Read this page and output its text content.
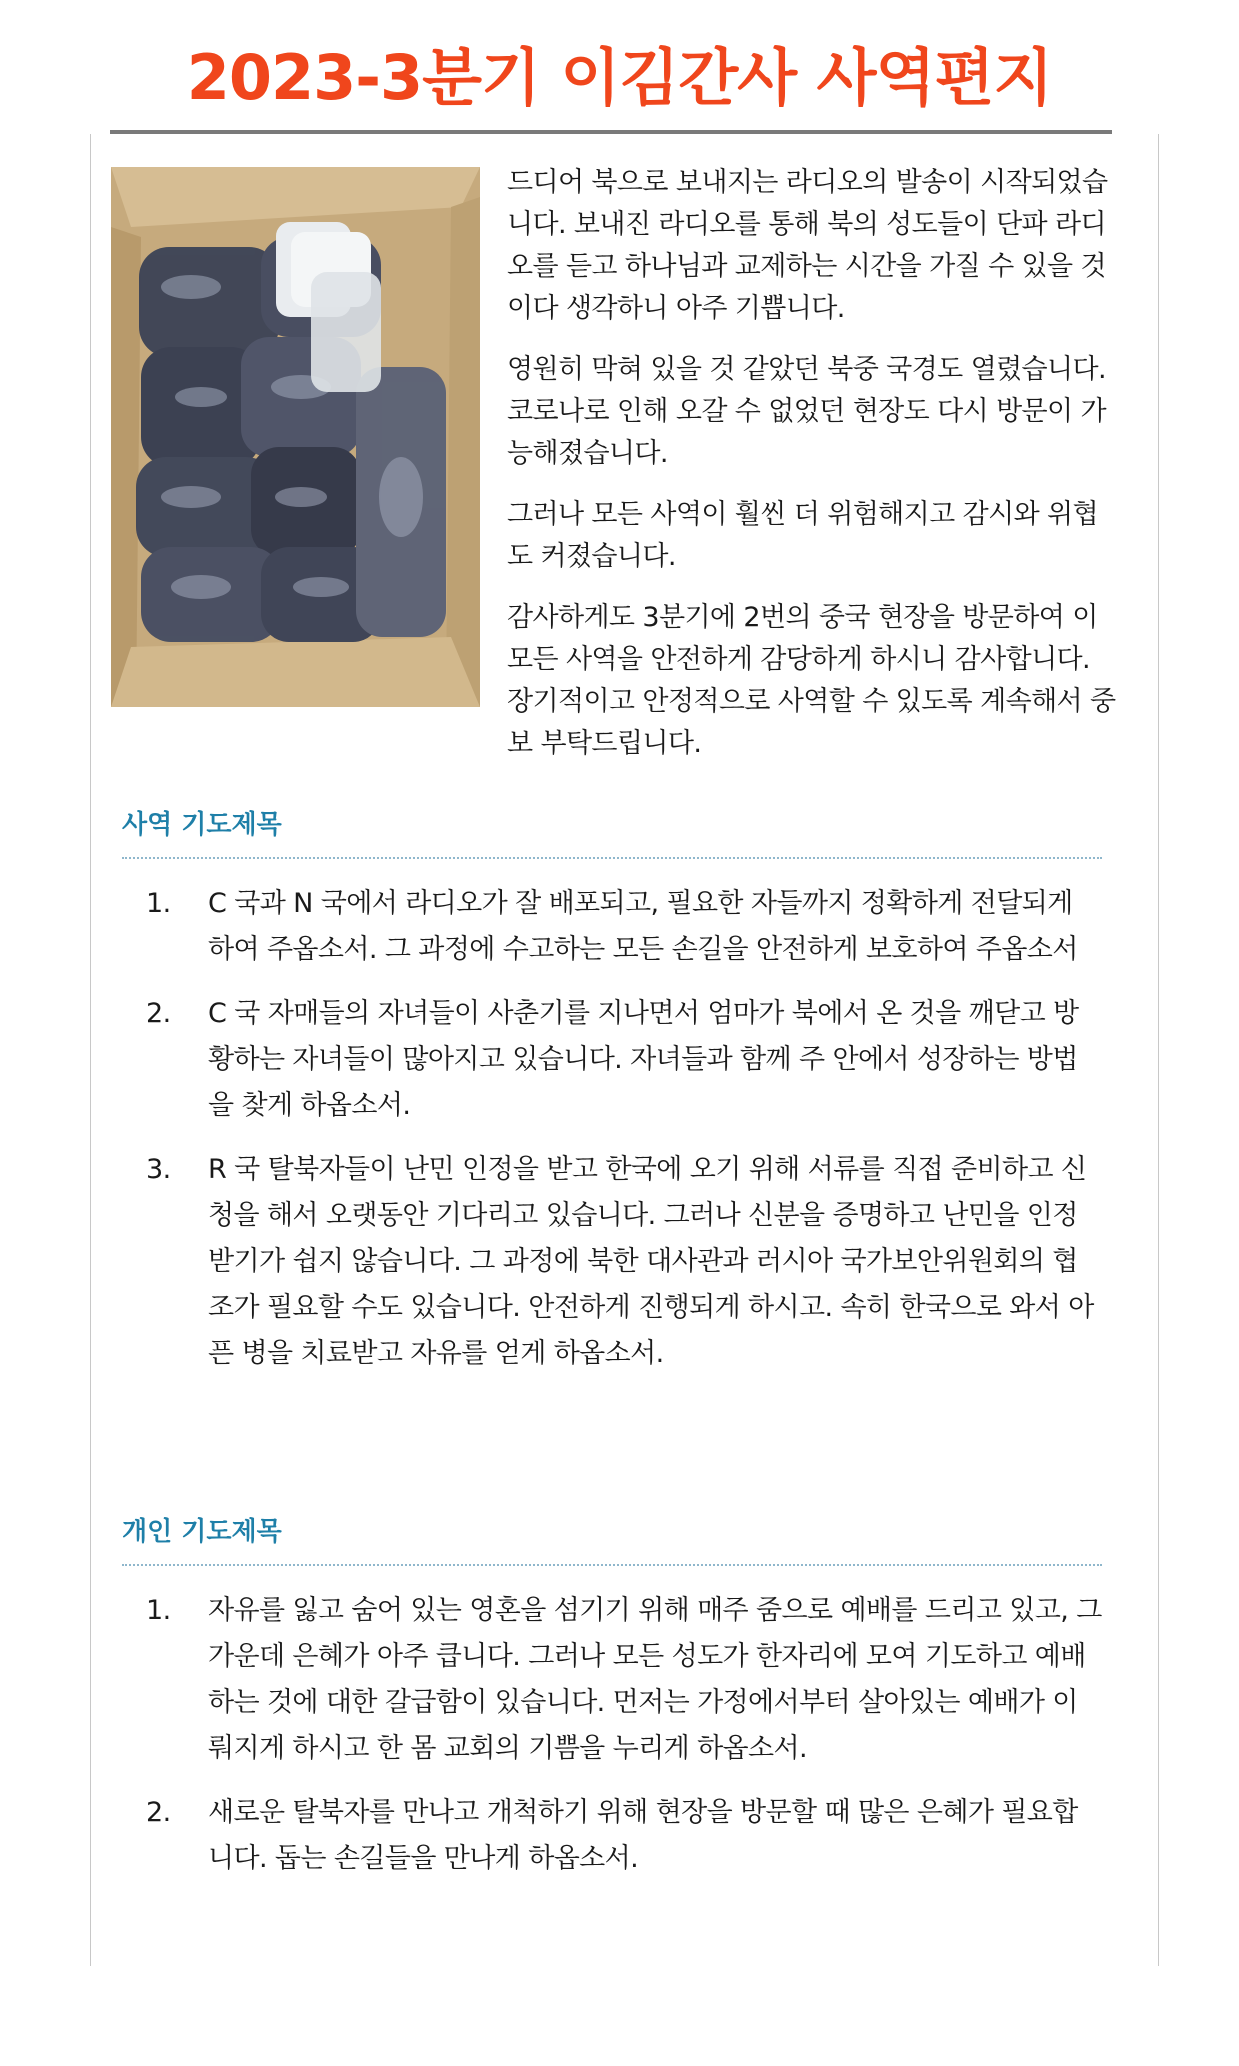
2023-3분기 이김간사 사역편지

드디어 북으로 보내지는 라디오의 발송이 시작되었습니다. 보내진 라디오를 통해 북의 성도들이 단파 라디오를 듣고 하나님과 교제하는 시간을 가질 수 있을 것이다 생각하니 아주 기쁩니다.

영원히 막혀 있을 것 같았던 북중 국경도 열렸습니다. 코로나로 인해 오갈 수 없었던 현장도 다시 방문이 가능해졌습니다.

그러나 모든 사역이 훨씬 더 위험해지고 감시와 위협도 커졌습니다.

감사하게도 3분기에 2번의 중국 현장을 방문하여 이 모든 사역을 안전하게 감당하게 하시니 감사합니다. 장기적이고 안정적으로 사역할 수 있도록 계속해서 중보 부탁드립니다.

사역 기도제목
1. C 국과 N 국에서 라디오가 잘 배포되고, 필요한 자들까지 정확하게 전달되게 하여 주옵소서. 그 과정에 수고하는 모든 손길을 안전하게 보호하여 주옵소서
2. C 국 자매들의 자녀들이 사춘기를 지나면서 엄마가 북에서 온 것을 깨닫고 방황하는 자녀들이 많아지고 있습니다. 자녀들과 함께 주 안에서 성장하는 방법을 찾게 하옵소서.
3. R 국 탈북자들이 난민 인정을 받고 한국에 오기 위해 서류를 직접 준비하고 신청을 해서 오랫동안 기다리고 있습니다. 그러나 신분을 증명하고 난민을 인정받기가 쉽지 않습니다. 그 과정에 북한 대사관과 러시아 국가보안위원회의 협조가 필요할 수도 있습니다. 안전하게 진행되게 하시고. 속히 한국으로 와서 아픈 병을 치료받고 자유를 얻게 하옵소서.
개인 기도제목
1. 자유를 잃고 숨어 있는 영혼을 섬기기 위해 매주 줌으로 예배를 드리고 있고, 그 가운데 은혜가 아주 큽니다. 그러나 모든 성도가 한자리에 모여 기도하고 예배하는 것에 대한 갈급함이 있습니다. 먼저는 가정에서부터 살아있는 예배가 이뤄지게 하시고 한 몸 교회의 기쁨을 누리게 하옵소서.
2. 새로운 탈북자를 만나고 개척하기 위해 현장을 방문할 때 많은 은혜가 필요합니다. 돕는 손길들을 만나게 하옵소서.
